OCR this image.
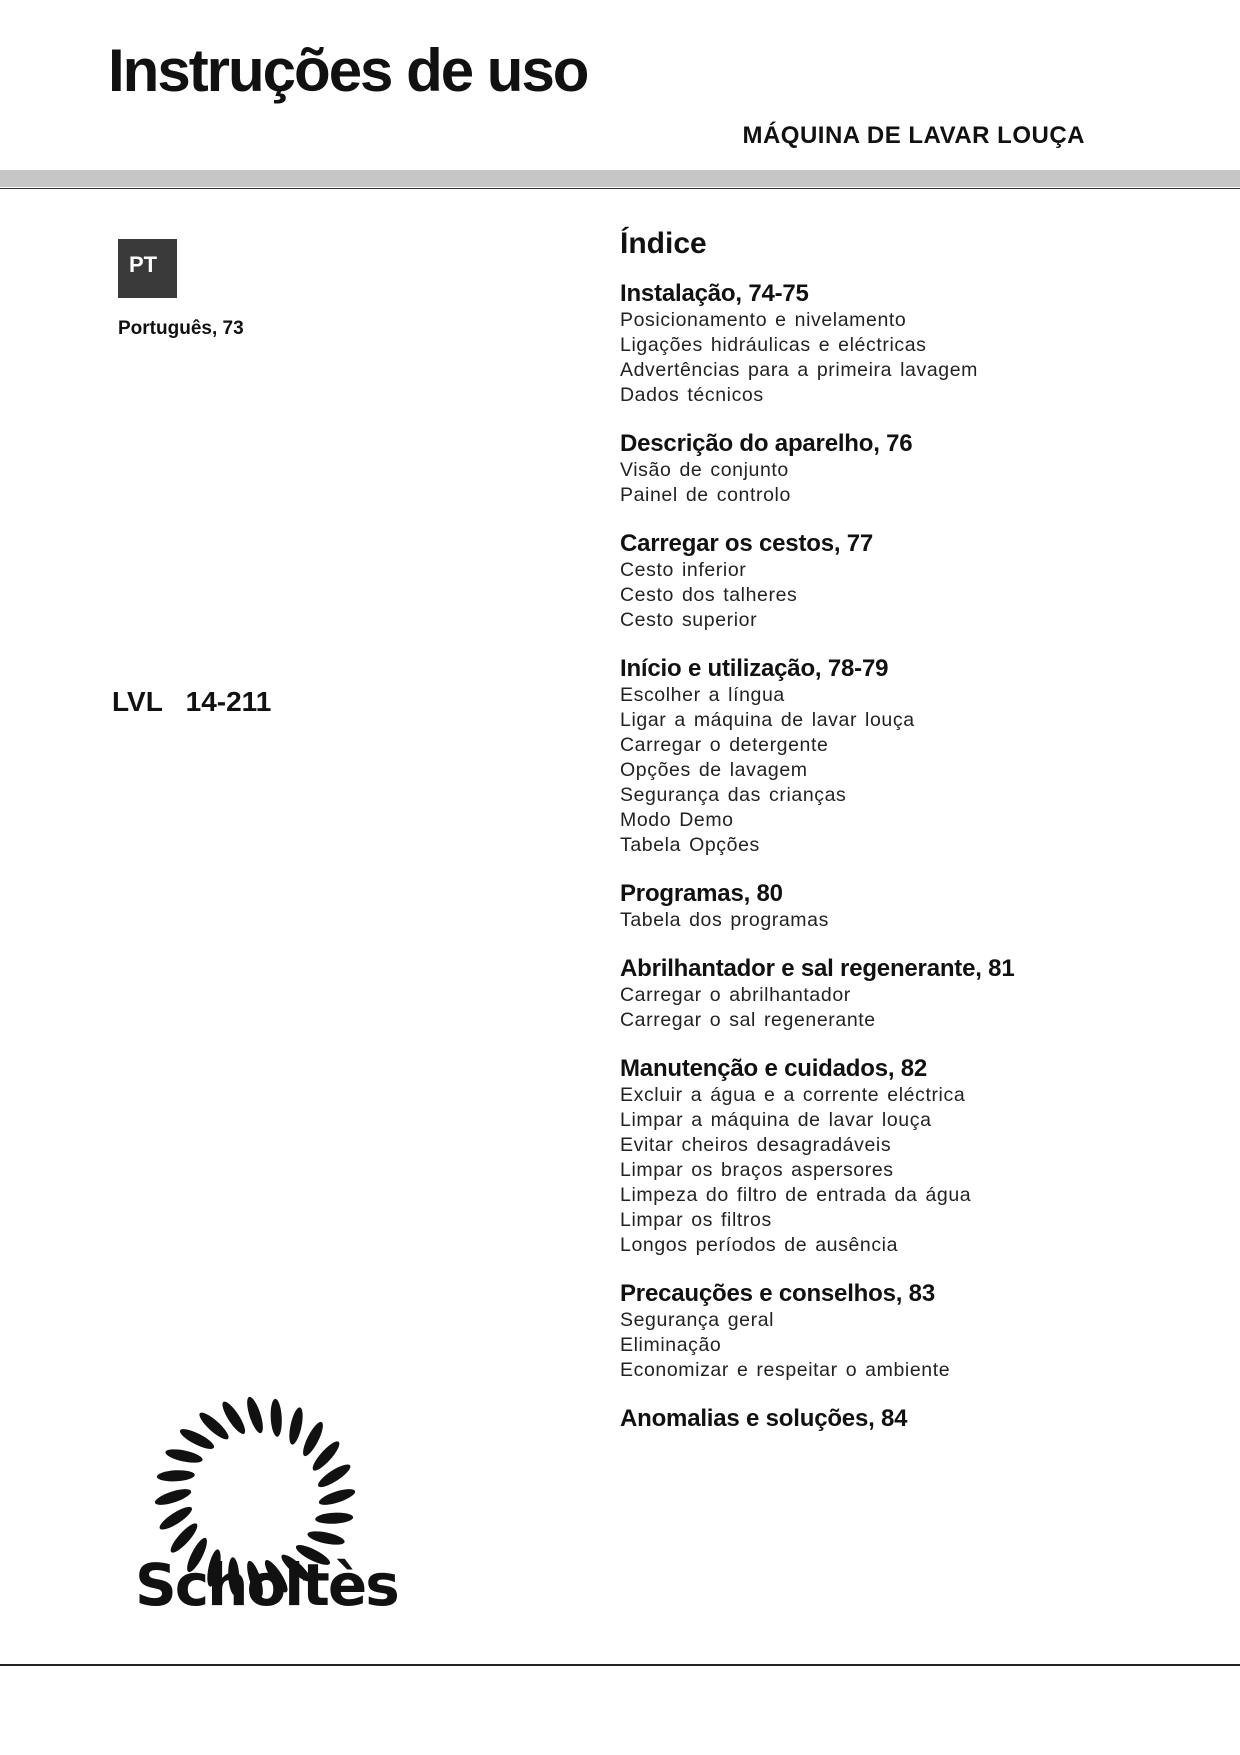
Instruções de uso
MÁQUINA DE LAVAR LOUÇA
PT
Português, 73
LVL   14-211
Scholtès
Índice
Instalação, 74-75
Posicionamento e nivelamento
Ligações hidráulicas e eléctricas
Advertências para a primeira lavagem
Dados técnicos
Descrição do aparelho, 76
Visão de conjunto
Painel de controlo
Carregar os cestos, 77
Cesto inferior
Cesto dos talheres
Cesto superior
Início e utilização, 78-79
Escolher a língua
Ligar a máquina de lavar louça
Carregar o detergente
Opções de lavagem
Segurança das crianças
Modo Demo
Tabela Opções
Programas, 80
Tabela dos programas
Abrilhantador e sal regenerante, 81
Carregar o abrilhantador
Carregar o sal regenerante
Manutenção e cuidados, 82
Excluir a água e a corrente eléctrica
Limpar a máquina de lavar louça
Evitar cheiros desagradáveis
Limpar os braços aspersores
Limpeza do filtro de entrada da água
Limpar os filtros
Longos períodos de ausência
Precauções e conselhos, 83
Segurança geral
Eliminação
Economizar e respeitar o ambiente
Anomalias e soluções, 84
